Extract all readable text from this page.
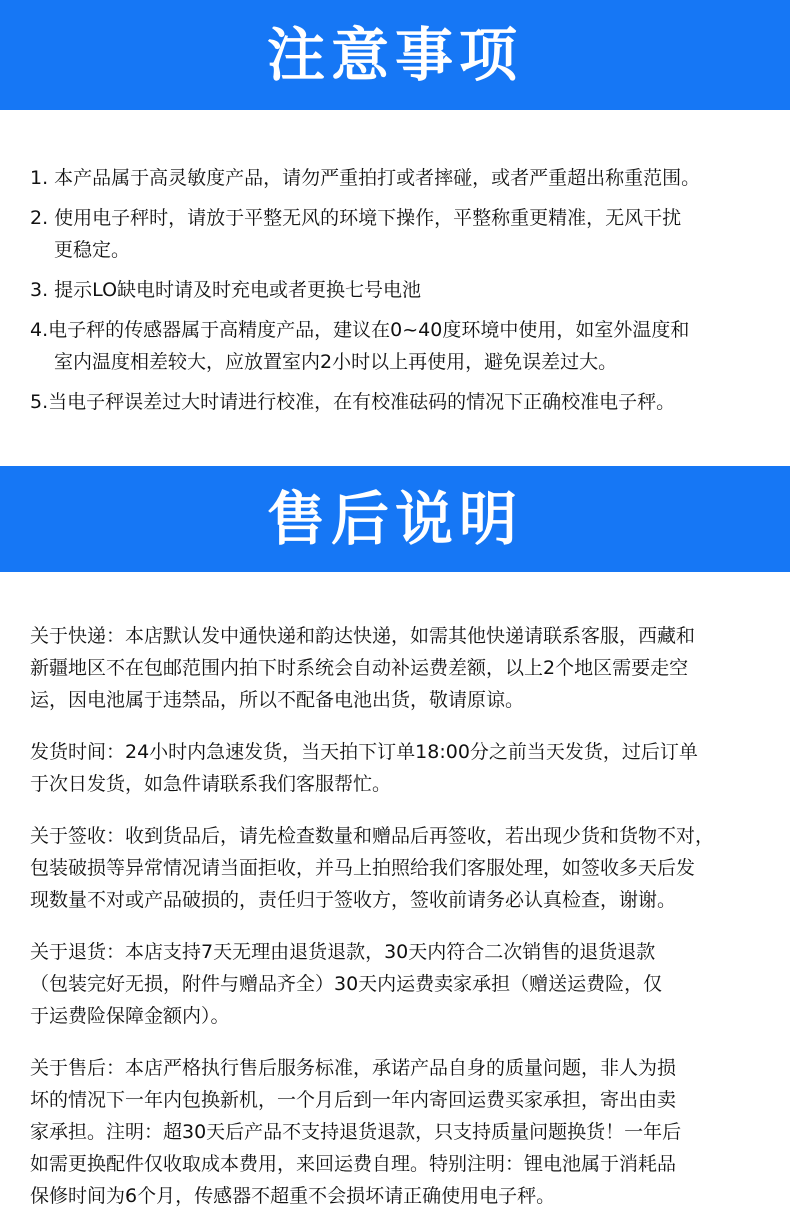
注意事项
1. 本产品属于高灵敏度产品，请勿严重拍打或者摔碰，或者严重超出称重范围。
2. 使用电子秤时，请放于平整无风的环境下操作，平整称重更精准，无风干扰
更稳定。
3. 提示LO缺电时请及时充电或者更换七号电池
4.电子秤的传感器属于高精度产品，建议在0~40度环境中使用，如室外温度和
室内温度相差较大，应放置室内2小时以上再使用，避免误差过大。
5.当电子秤误差过大时请进行校准，在有校准砝码的情况下正确校准电子秤。
售后说明
关于快递：本店默认发中通快递和韵达快递，如需其他快递请联系客服，西藏和
新疆地区不在包邮范围内拍下时系统会自动补运费差额，以上2个地区需要走空
运，因电池属于违禁品，所以不配备电池出货，敬请原谅。
发货时间：24小时内急速发货，当天拍下订单18:00分之前当天发货，过后订单
于次日发货，如急件请联系我们客服帮忙。
关于签收：收到货品后，请先检查数量和赠品后再签收，若出现少货和货物不对，
包装破损等异常情况请当面拒收，并马上拍照给我们客服处理，如签收多天后发
现数量不对或产品破损的，责任归于签收方，签收前请务必认真检查，谢谢。
关于退货：本店支持7天无理由退货退款，30天内符合二次销售的退货退款
（包装完好无损，附件与赠品齐全）30天内运费卖家承担（赠送运费险，仅
于运费险保障金额内）。
关于售后：本店严格执行售后服务标准，承诺产品自身的质量问题，非人为损
坏的情况下一年内包换新机，一个月后到一年内寄回运费买家承担，寄出由卖
家承担。注明：超30天后产品不支持退货退款，只支持质量问题换货！一年后
如需更换配件仅收取成本费用，来回运费自理。特别注明：锂电池属于消耗品
保修时间为6个月，传感器不超重不会损坏请正确使用电子秤。
